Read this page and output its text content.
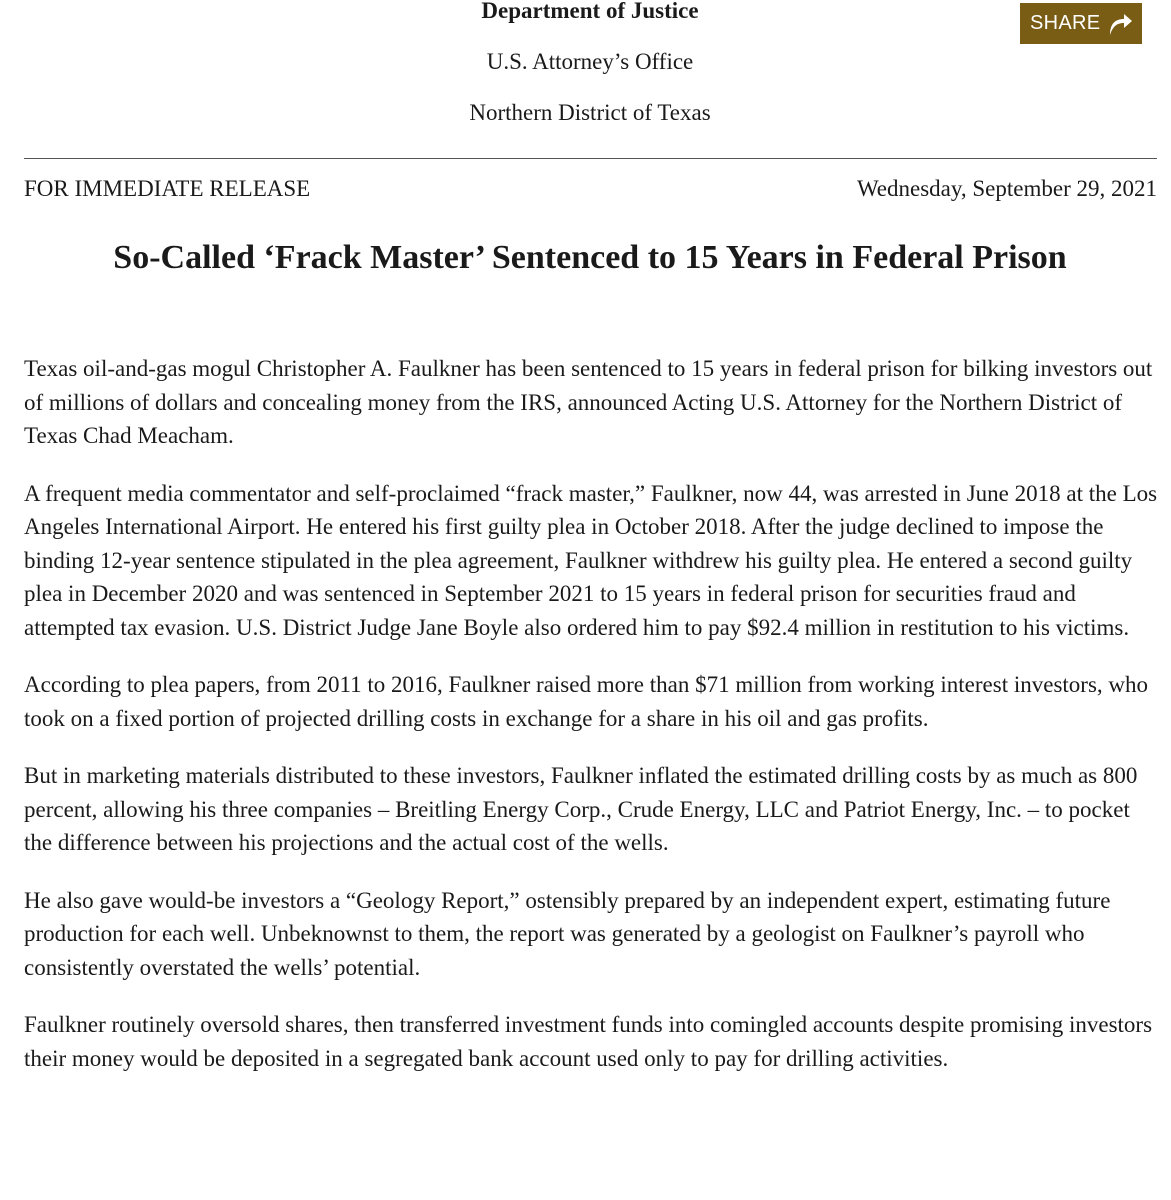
Department of Justice
U.S. Attorney’s Office
Northern District of Texas
SHARE
FOR IMMEDIATE RELEASE	Wednesday, September 29, 2021
So-Called ‘Frack Master’ Sentenced to 15 Years in Federal Prison

Texas oil-and-gas mogul Christopher A. Faulkner has been sentenced to 15 years in federal prison for bilking investors out of millions of dollars and concealing money from the IRS, announced Acting U.S. Attorney for the Northern District of Texas Chad Meacham.

A frequent media commentator and self-proclaimed “frack master,” Faulkner, now 44, was arrested in June 2018 at the Los Angeles International Airport. He entered his first guilty plea in October 2018. After the judge declined to impose the binding 12-year sentence stipulated in the plea agreement, Faulkner withdrew his guilty plea. He entered a second guilty plea in December 2020 and was sentenced in September 2021 to 15 years in federal prison for securities fraud and attempted tax evasion. U.S. District Judge Jane Boyle also ordered him to pay $92.4 million in restitution to his victims.

According to plea papers, from 2011 to 2016, Faulkner raised more than $71 million from working interest investors, who took on a fixed portion of projected drilling costs in exchange for a share in his oil and gas profits.

But in marketing materials distributed to these investors, Faulkner inflated the estimated drilling costs by as much as 800 percent, allowing his three companies – Breitling Energy Corp., Crude Energy, LLC and Patriot Energy, Inc. – to pocket the difference between his projections and the actual cost of the wells.

He also gave would-be investors a “Geology Report,” ostensibly prepared by an independent expert, estimating future production for each well. Unbeknownst to them, the report was generated by a geologist on Faulkner’s payroll who consistently overstated the wells’ potential.

Faulkner routinely oversold shares, then transferred investment funds into comingled accounts despite promising investors their money would be deposited in a segregated bank account used only to pay for drilling activities.
